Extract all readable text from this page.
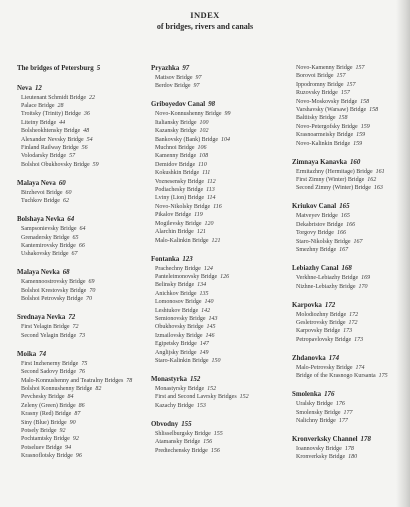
INDEX
of bridges, rivers and canals
The bridges of Petersburg 5
Neva 12
Lieutenant Schmidt Bridge 22
Palace Bridge 28
Troitsky (Trinity) Bridge 36
Liteiny Bridge 44
Bolsheokhtensky Bridge 48
Alexander Nevsky Bridge 54
Finland Railway Bridge 56
Volodarsky Bridge 57
Bolshoi Obukhovsky Bridge 59
Malaya Neva 60
Birzhevoi Bridge 60
Tuchkov Bridge 62
Bolshaya Nevka 64
Sampsonievsky Bridge 64
Grenaderskу Bridge 65
Kantemirovsky Bridge 66
Ushakovsky Bridge 67
Malaya Nevka 68
Kamennoostrovsky Bridge 69
Bolshoi Krestovsky Bridge 70
Bolshoi Petrovsky Bridge 70
Srednaya Nevka 72
First Yelagin Bridge 72
Second Yelagin Bridge 73
Moika 74
First Inzhenerny Bridge 75
Second Sadovy Bridge 76
Malo-Konnushenny and Teatralny Bridges 78
Bolshoi Konnushenny Bridge 82
Pevchesky Bridge 84
Zeleny (Green) Bridge 86
Krasny (Red) Bridge 87
Siny (Blue) Bridge 90
Potsely Bridge 92
Pochtamtsky Bridge 92
Potseluev Bridge 94
Krasnoflotsky Bridge 96
Pryazhka 97
Matisov Bridge 97
Berdov Bridge 97
Griboyedov Canal 98
Novo-Konnushenny Bridge 99
Italiansky Bridge 100
Kazansky Bridge 102
Bankovsky (Bank) Bridge 104
Muchnoi Bridge 106
Kamenny Bridge 108
Demidov Bridge 110
Kokushkin Bridge 111
Voznesensky Bridge 112
Podiachesky Bridge 113
Lviny (Lion) Bridge 114
Novo-Nikolsky Bridge 116
Pikalov Bridge 119
Mogilevsky Bridge 120
Alarchin Bridge 121
Malo-Kalinkin Bridge 121
Fontanka 123
Prachechny Bridge 124
Panteleimonovsky Bridge 126
Belinsky Bridge 134
Anichkov Bridge 135
Lomonosov Bridge 140
Leshtukov Bridge 142
Semionovsky Bridge 143
Obukhovsky Bridge 145
Izmailovsky Bridge 146
Egipetsky Bridge 147
Anglijsky Bridge 149
Staro-Kalinkin Bridge 150
Monastyrka 152
Monastyrsky Bridge 152
First and Second Lavrsky Bridges 152
Kazachy Bridge 153
Obvodny 155
Shlisselburgsky Bridge 155
Atamansky Bridge 156
Predtechensky Bridge 156
Novo-Kamenny Bridge 157
Borovoi Bridge 157
Ippodromny Bridge 157
Ruzovsky Bridge 157
Novo-Moskovsky Bridge 158
Varshavsky (Warsaw) Bridge 158
Baltiisky Bridge 158
Novo-Petergofsky Bridge 159
Krasnoarmeisky Bridge 159
Novo-Kalinkin Bridge 159
Zimnaya Kanavka 160
Ermitazhny (Hermitage) Bridge 161
First Zimny (Winter) Bridge 162
Second Zimny (Winter) Bridge 163
Kriukov Canal 165
Matveyev Bridge 165
Dekabristov Bridge 166
Torgovy Bridge 166
Staro-Nikolsky Bridge 167
Smezhny Bridge 167
Lebiazhy Canal 168
Verkhne-Lebiazhy Bridge 169
Nizhne-Lebiazhy Bridge 170
Karpovka 172
Molodiozhny Bridge 172
Gesletrovsky Bridge 172
Karpovsky Bridge 173
Petropavlovsky Bridge 173
Zhdanovka 174
Malo-Petrovsky Bridge 174
Bridge of the Krasnogo Kursanta 175
Smolenka 176
Uralsky Bridge 176
Smolensky Bridge 177
Nalichny Bridge 177
Kronverksky Channel 178
Ioannovsky Bridge 178
Kronverksky Bridge 180
